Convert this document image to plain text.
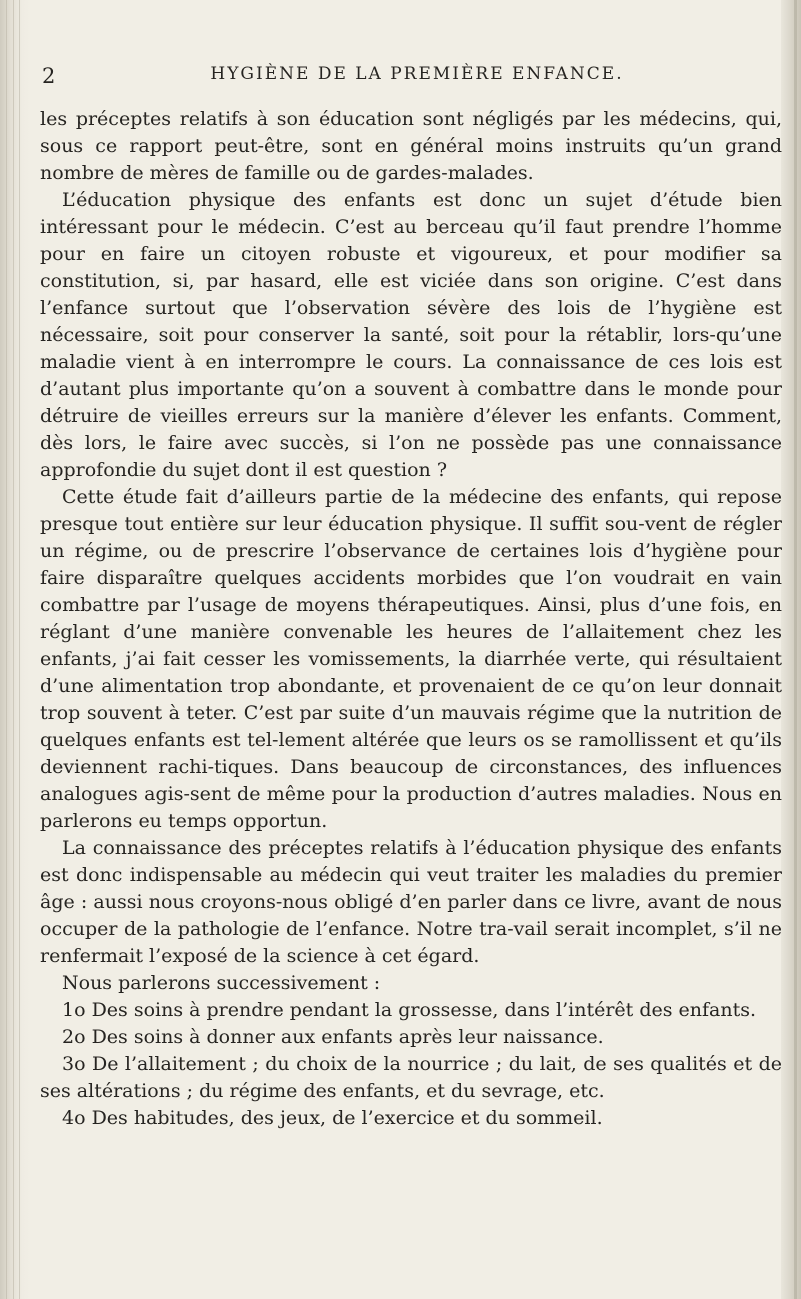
2	HYGIÈNE DE LA PREMIÈRE ENFANCE.

les préceptes relatifs à son éducation sont négligés par les médecins, qui, sous ce rapport peut-être, sont en général moins instruits qu’un grand nombre de mères de famille ou de gardes-malades.

L’éducation physique des enfants est donc un sujet d’étude bien intéressant pour le médecin. C’est au berceau qu’il faut prendre l’homme pour en faire un citoyen robuste et vigoureux, et pour modifier sa constitution, si, par hasard, elle est viciée dans son origine. C’est dans l’enfance surtout que l’observation sévère des lois de l’hygiène est nécessaire, soit pour conserver la santé, soit pour la rétablir, lors-qu’une maladie vient à en interrompre le cours. La connaissance de ces lois est d’autant plus importante qu’on a souvent à combattre dans le monde pour détruire de vieilles erreurs sur la manière d’élever les enfants. Comment, dès lors, le faire avec succès, si l’on ne possède pas une connaissance approfondie du sujet dont il est question ?

Cette étude fait d’ailleurs partie de la médecine des enfants, qui repose presque tout entière sur leur éducation physique. Il suffit sou-vent de régler un régime, ou de prescrire l’observance de certaines lois d’hygiène pour faire disparaître quelques accidents morbides que l’on voudrait en vain combattre par l’usage de moyens thérapeutiques. Ainsi, plus d’une fois, en réglant d’une manière convenable les heures de l’allaitement chez les enfants, j’ai fait cesser les vomissements, la diarrhée verte, qui résultaient d’une alimentation trop abondante, et provenaient de ce qu’on leur donnait trop souvent à teter. C’est par suite d’un mauvais régime que la nutrition de quelques enfants est tel-lement altérée que leurs os se ramollissent et qu’ils deviennent rachi-tiques. Dans beaucoup de circonstances, des influences analogues agis-sent de même pour la production d’autres maladies. Nous en parlerons eu temps opportun.

La connaissance des préceptes relatifs à l’éducation physique des enfants est donc indispensable au médecin qui veut traiter les maladies du premier âge : aussi nous croyons-nous obligé d’en parler dans ce livre, avant de nous occuper de la pathologie de l’enfance. Notre tra-vail serait incomplet, s’il ne renfermait l’exposé de la science à cet égard.

Nous parlerons successivement :

1o Des soins à prendre pendant la grossesse, dans l’intérêt des enfants.

2o Des soins à donner aux enfants après leur naissance.

3o De l’allaitement ; du choix de la nourrice ; du lait, de ses qualités et de ses altérations ; du régime des enfants, et du sevrage, etc.

4o Des habitudes, des jeux, de l’exercice et du sommeil.
